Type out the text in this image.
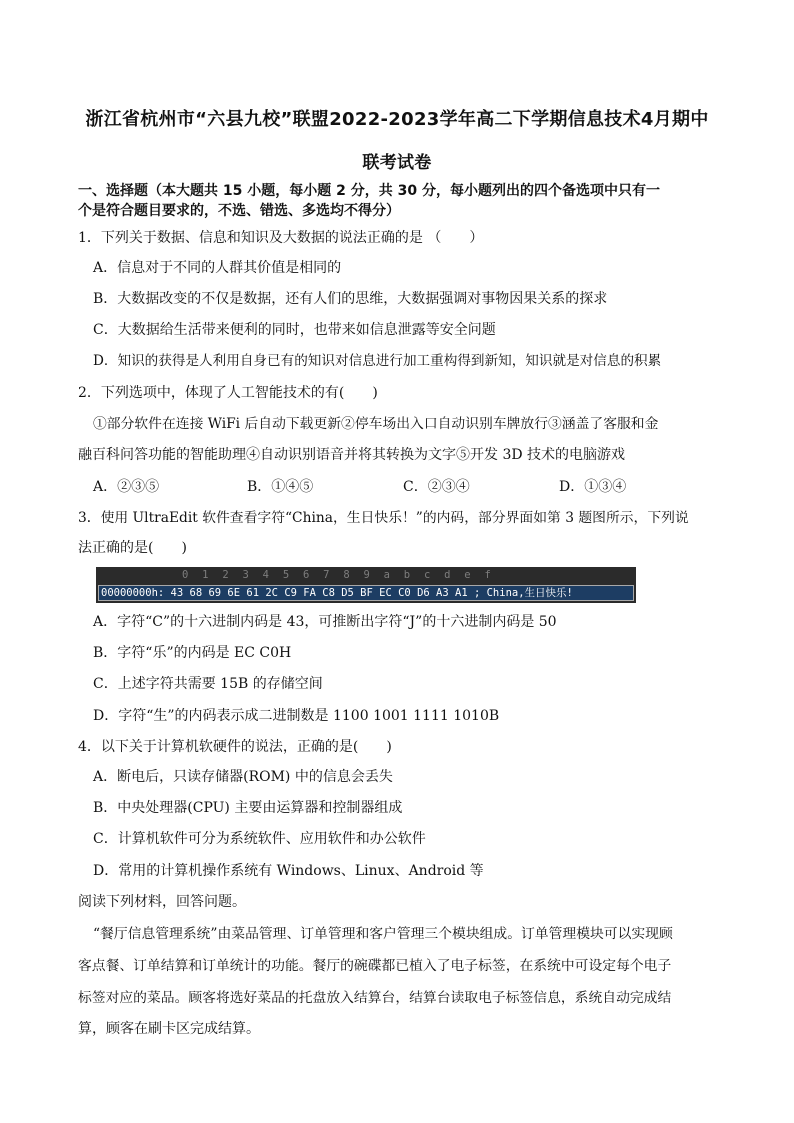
浙江省杭州市“六县九校”联盟2022-2023学年高二下学期信息技术4月期中
联考试卷
一、选择题（本大题共 15 小题，每小题 2 分，共 30 分，每小题列出的四个备选项中只有一
个是符合题目要求的，不选、错选、多选均不得分）
1．下列关于数据、信息和知识及大数据的说法正确的是 （　　）
A．信息对于不同的人群其价值是相同的
B．大数据改变的不仅是数据，还有人们的思维，大数据强调对事物因果关系的探求
C．大数据给生活带来便利的同时，也带来如信息泄露等安全问题
D．知识的获得是人利用自身已有的知识对信息进行加工重构得到新知，知识就是对信息的积累
2．下列选项中，体现了人工智能技术的有(　　)
①部分软件在连接 WiFi 后自动下载更新②停车场出入口自动识别车牌放行③涵盖了客服和金
融百科问答功能的智能助理④自动识别语音并将其转换为文字⑤开发 3D 技术的电脑游戏
A．②③⑤	B．①④⑤	C．②③④	D．①③④
3．使用 UltraEdit 软件查看字符“China，生日快乐！”的内码，部分界面如第 3 题图所示，下列说
法正确的是(　　)
0  1  2  3  4  5  6  7  8  9  a  b  c  d  e  f
00000000h: 43 68 69 6E 61 2C C9 FA C8 D5 BF EC C0 D6 A3 A1 ; China,生日快乐!
A．字符“C”的十六进制内码是 43，可推断出字符“J”的十六进制内码是 50
B．字符“乐”的内码是 EC C0H
C．上述字符共需要 15B 的存储空间
D．字符“生”的内码表示成二进制数是 1100 1001 1111 1010B
4．以下关于计算机软硬件的说法，正确的是(　　)
A．断电后，只读存储器(ROM) 中的信息会丢失
B．中央处理器(CPU) 主要由运算器和控制器组成
C．计算机软件可分为系统软件、应用软件和办公软件
D．常用的计算机操作系统有 Windows、Linux、Android 等
阅读下列材料，回答问题。
“餐厅信息管理系统”由菜品管理、订单管理和客户管理三个模块组成。订单管理模块可以实现顾
客点餐、订单结算和订单统计的功能。餐厅的碗碟都已植入了电子标签，在系统中可设定每个电子
标签对应的菜品。顾客将选好菜品的托盘放入结算台，结算台读取电子标签信息，系统自动完成结
算，顾客在刷卡区完成结算。
